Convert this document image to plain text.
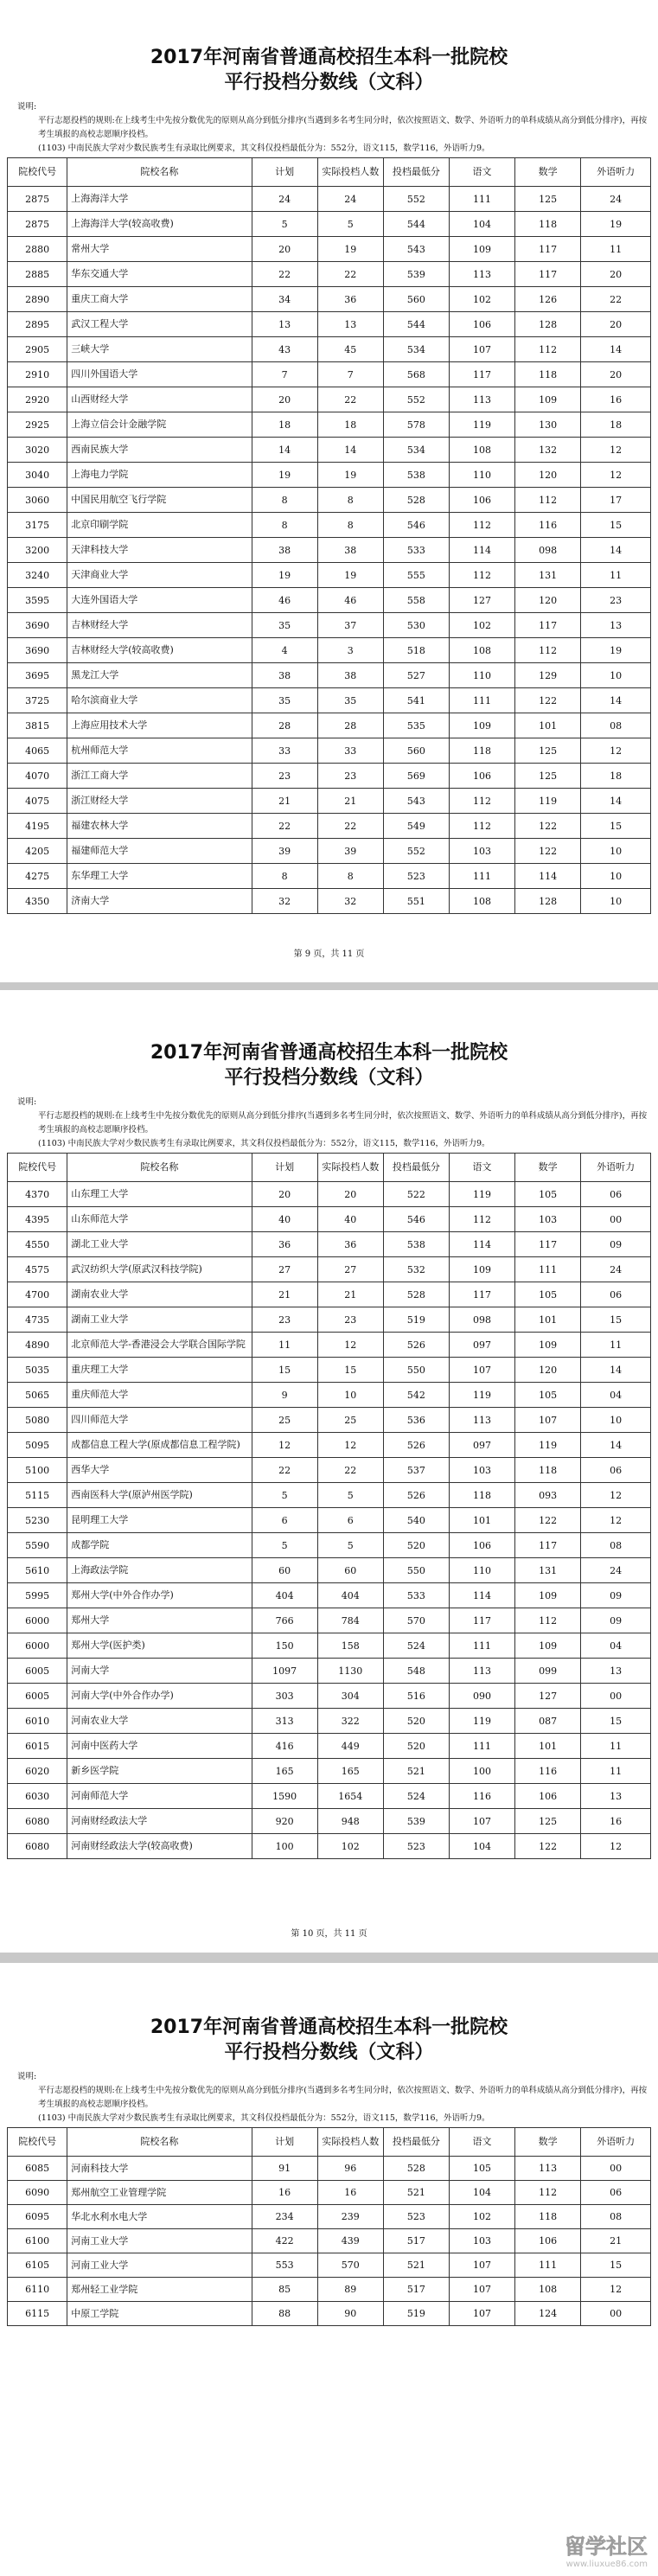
2017年河南省普通高校招生本科一批院校
平行投档分数线（文科）
说明:
平行志愿投档的规则:在上线考生中先按分数优先的原则从高分到低分排序(当遇到多名考生同分时，依次按照语文、数学、外语听力的单科成绩从高分到低分排序)，再按考生填报的高校志愿顺序投档。
(1103) 中南民族大学对少数民族考生有录取比例要求，其文科仅投档最低分为：552分，语文115，数学116，外语听力9。
院校代号	院校名称	计划	实际投档人数	投档最低分	语文	数学	外语听力
2875	上海海洋大学	24	24	552	111	125	24
2875	上海海洋大学(较高收费)	5	5	544	104	118	19
2880	常州大学	20	19	543	109	117	11
2885	华东交通大学	22	22	539	113	117	20
2890	重庆工商大学	34	36	560	102	126	22
2895	武汉工程大学	13	13	544	106	128	20
2905	三峡大学	43	45	534	107	112	14
2910	四川外国语大学	7	7	568	117	118	20
2920	山西财经大学	20	22	552	113	109	16
2925	上海立信会计金融学院	18	18	578	119	130	18
3020	西南民族大学	14	14	534	108	132	12
3040	上海电力学院	19	19	538	110	120	12
3060	中国民用航空飞行学院	8	8	528	106	112	17
3175	北京印刷学院	8	8	546	112	116	15
3200	天津科技大学	38	38	533	114	098	14
3240	天津商业大学	19	19	555	112	131	11
3595	大连外国语大学	46	46	558	127	120	23
3690	吉林财经大学	35	37	530	102	117	13
3690	吉林财经大学(较高收费)	4	3	518	108	112	19
3695	黑龙江大学	38	38	527	110	129	10
3725	哈尔滨商业大学	35	35	541	111	122	14
3815	上海应用技术大学	28	28	535	109	101	08
4065	杭州师范大学	33	33	560	118	125	12
4070	浙江工商大学	23	23	569	106	125	18
4075	浙江财经大学	21	21	543	112	119	14
4195	福建农林大学	22	22	549	112	122	15
4205	福建师范大学	39	39	552	103	122	10
4275	东华理工大学	8	8	523	111	114	10
4350	济南大学	32	32	551	108	128	10
第 9 页，共 11 页
2017年河南省普通高校招生本科一批院校
平行投档分数线（文科）
说明:
平行志愿投档的规则:在上线考生中先按分数优先的原则从高分到低分排序(当遇到多名考生同分时，依次按照语文、数学、外语听力的单科成绩从高分到低分排序)，再按考生填报的高校志愿顺序投档。
(1103) 中南民族大学对少数民族考生有录取比例要求，其文科仅投档最低分为：552分，语文115，数学116，外语听力9。
院校代号	院校名称	计划	实际投档人数	投档最低分	语文	数学	外语听力
4370	山东理工大学	20	20	522	119	105	06
4395	山东师范大学	40	40	546	112	103	00
4550	湖北工业大学	36	36	538	114	117	09
4575	武汉纺织大学(原武汉科技学院)	27	27	532	109	111	24
4700	湖南农业大学	21	21	528	117	105	06
4735	湖南工业大学	23	23	519	098	101	15
4890	北京师范大学-香港浸会大学联合国际学院	11	12	526	097	109	11
5035	重庆理工大学	15	15	550	107	120	14
5065	重庆师范大学	9	10	542	119	105	04
5080	四川师范大学	25	25	536	113	107	10
5095	成都信息工程大学(原成都信息工程学院)	12	12	526	097	119	14
5100	西华大学	22	22	537	103	118	06
5115	西南医科大学(原泸州医学院)	5	5	526	118	093	12
5230	昆明理工大学	6	6	540	101	122	12
5590	成都学院	5	5	520	106	117	08
5610	上海政法学院	60	60	550	110	131	24
5995	郑州大学(中外合作办学)	404	404	533	114	109	09
6000	郑州大学	766	784	570	117	112	09
6000	郑州大学(医护类)	150	158	524	111	109	04
6005	河南大学	1097	1130	548	113	099	13
6005	河南大学(中外合作办学)	303	304	516	090	127	00
6010	河南农业大学	313	322	520	119	087	15
6015	河南中医药大学	416	449	520	111	101	11
6020	新乡医学院	165	165	521	100	116	11
6030	河南师范大学	1590	1654	524	116	106	13
6080	河南财经政法大学	920	948	539	107	125	16
6080	河南财经政法大学(较高收费)	100	102	523	104	122	12
第 10 页，共 11 页
2017年河南省普通高校招生本科一批院校
平行投档分数线（文科）
说明:
平行志愿投档的规则:在上线考生中先按分数优先的原则从高分到低分排序(当遇到多名考生同分时，依次按照语文、数学、外语听力的单科成绩从高分到低分排序)，再按考生填报的高校志愿顺序投档。
(1103) 中南民族大学对少数民族考生有录取比例要求，其文科仅投档最低分为：552分，语文115，数学116，外语听力9。
院校代号	院校名称	计划	实际投档人数	投档最低分	语文	数学	外语听力
6085	河南科技大学	91	96	528	105	113	00
6090	郑州航空工业管理学院	16	16	521	104	112	06
6095	华北水利水电大学	234	239	523	102	118	08
6100	河南工业大学	422	439	517	103	106	21
6105	河南工业大学	553	570	521	107	111	15
6110	郑州轻工业学院	85	89	517	107	108	12
6115	中原工学院	88	90	519	107	124	00
留学社区
www.liuxue86.com
